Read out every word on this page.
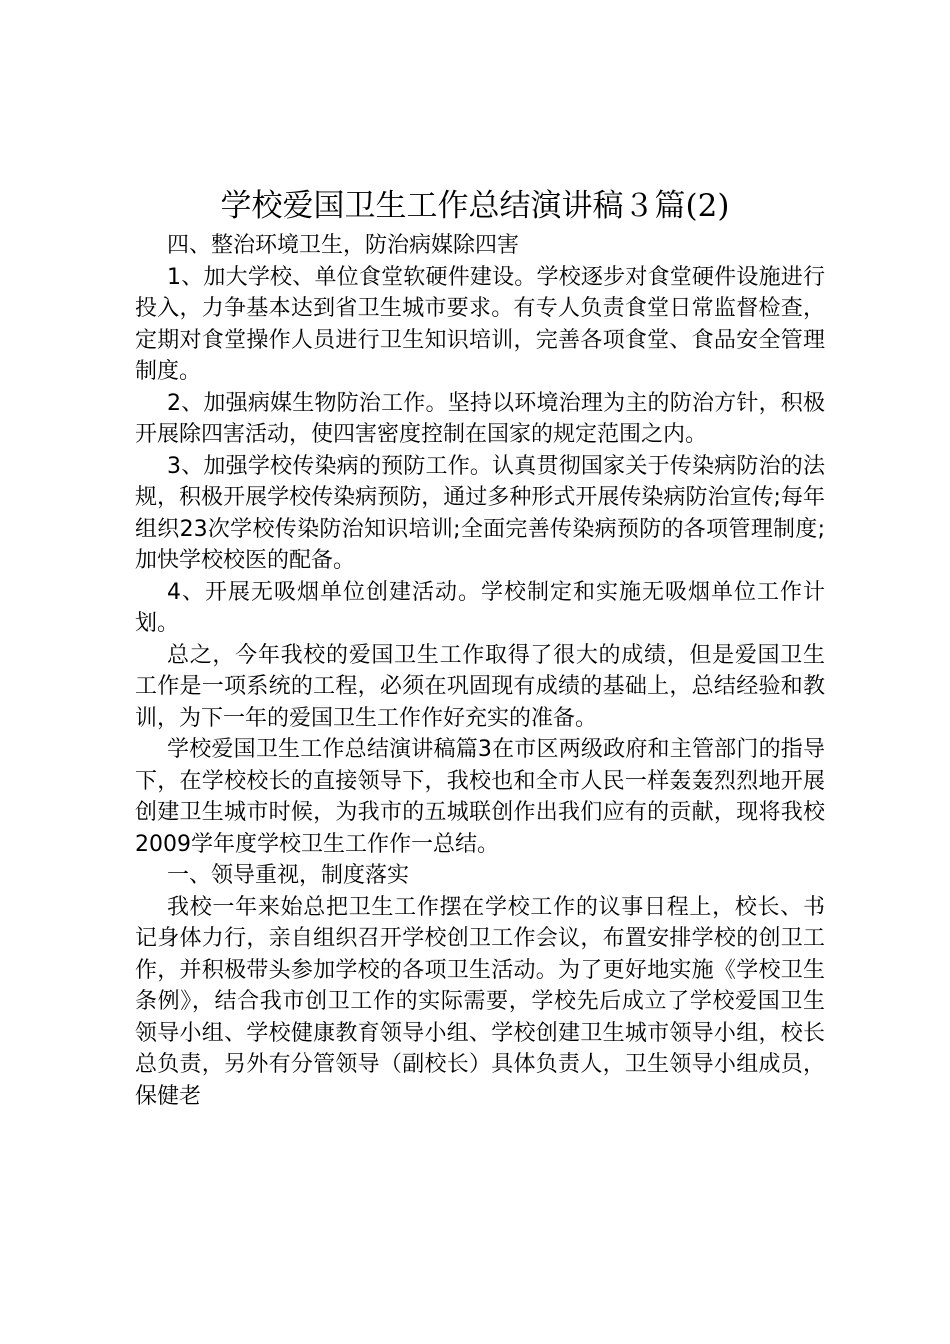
学校爱国卫生工作总结演讲稿３篇(2)

四、整治环境卫生，防治病媒除四害

1、加大学校、单位食堂软硬件建设。学校逐步对食堂硬件设施进行投入，力争基本达到省卫生城市要求。有专人负责食堂日常监督检查，定期对食堂操作人员进行卫生知识培训，完善各项食堂、食品安全管理制度。

2、加强病媒生物防治工作。坚持以环境治理为主的防治方针，积极开展除四害活动，使四害密度控制在国家的规定范围之内。

3、加强学校传染病的预防工作。认真贯彻国家关于传染病防治的法规，积极开展学校传染病预防，通过多种形式开展传染病防治宣传;每年组织23次学校传染防治知识培训;全面完善传染病预防的各项管理制度;加快学校校医的配备。

4、开展无吸烟单位创建活动。学校制定和实施无吸烟单位工作计划。

总之，今年我校的爱国卫生工作取得了很大的成绩，但是爱国卫生工作是一项系统的工程，必须在巩固现有成绩的基础上，总结经验和教训，为下一年的爱国卫生工作作好充实的准备。

学校爱国卫生工作总结演讲稿篇3在市区两级政府和主管部门的指导下，在学校校长的直接领导下，我校也和全市人民一样轰轰烈烈地开展创建卫生城市时候，为我市的五城联创作出我们应有的贡献，现将我校2009学年度学校卫生工作作一总结。

一、领导重视，制度落实

我校一年来始总把卫生工作摆在学校工作的议事日程上，校长、书记身体力行，亲自组织召开学校创卫工作会议，布置安排学校的创卫工作，并积极带头参加学校的各项卫生活动。为了更好地实施《学校卫生条例》，结合我市创卫工作的实际需要，学校先后成立了学校爱国卫生领导小组、学校健康教育领导小组、学校创建卫生城市领导小组，校长总负责，另外有分管领导（副校长）具体负责人，卫生领导小组成员，保健老
